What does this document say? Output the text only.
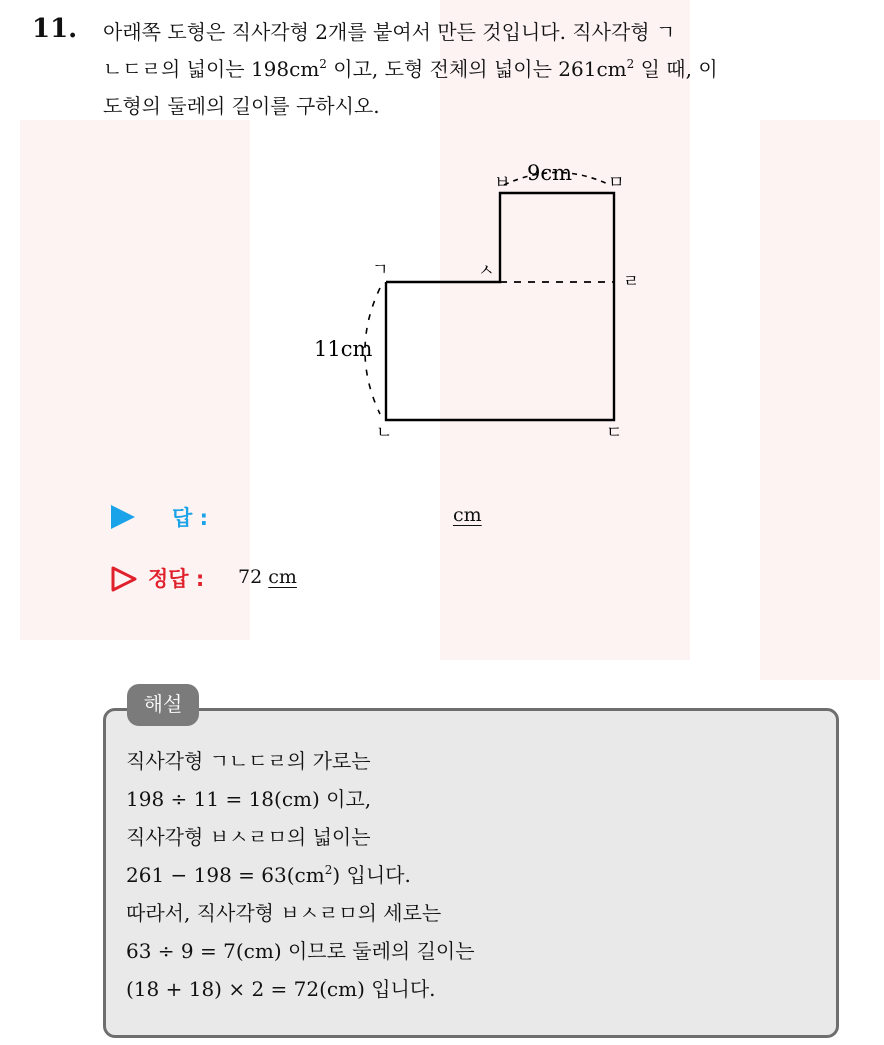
11. 아래쪽 도형은 직사각형 2개를 붙여서 만든 것입니다. 직사각형 ㄱ
ㄴㄷㄹ의 넓이는 $198cm^2$ 이고, 도형 전체의 넓이는 $261cm^2$ 일 때, 이
도형의 둘레의 길이를 구하시오.
9cm
11cm
ㄱ	ㅅ
ㅂ	ㅁ
ㄹ
ㄴ	ㄷ
답 :	cm
정답 : 72 cm
해설
직사각형 ㄱㄴㄷㄹ의 가로는
198 ÷ 11 = 18(cm) 이고,
직사각형 ㅂㅅㄹㅁ의 넓이는
$261 - 198 = 63(cm^2)$ 입니다.
따라서, 직사각형 ㅂㅅㄹㅁ의 세로는
63 ÷ 9 = 7(cm) 이므로 둘레의 길이는
(18 + 18) × 2 = 72(cm) 입니다.
